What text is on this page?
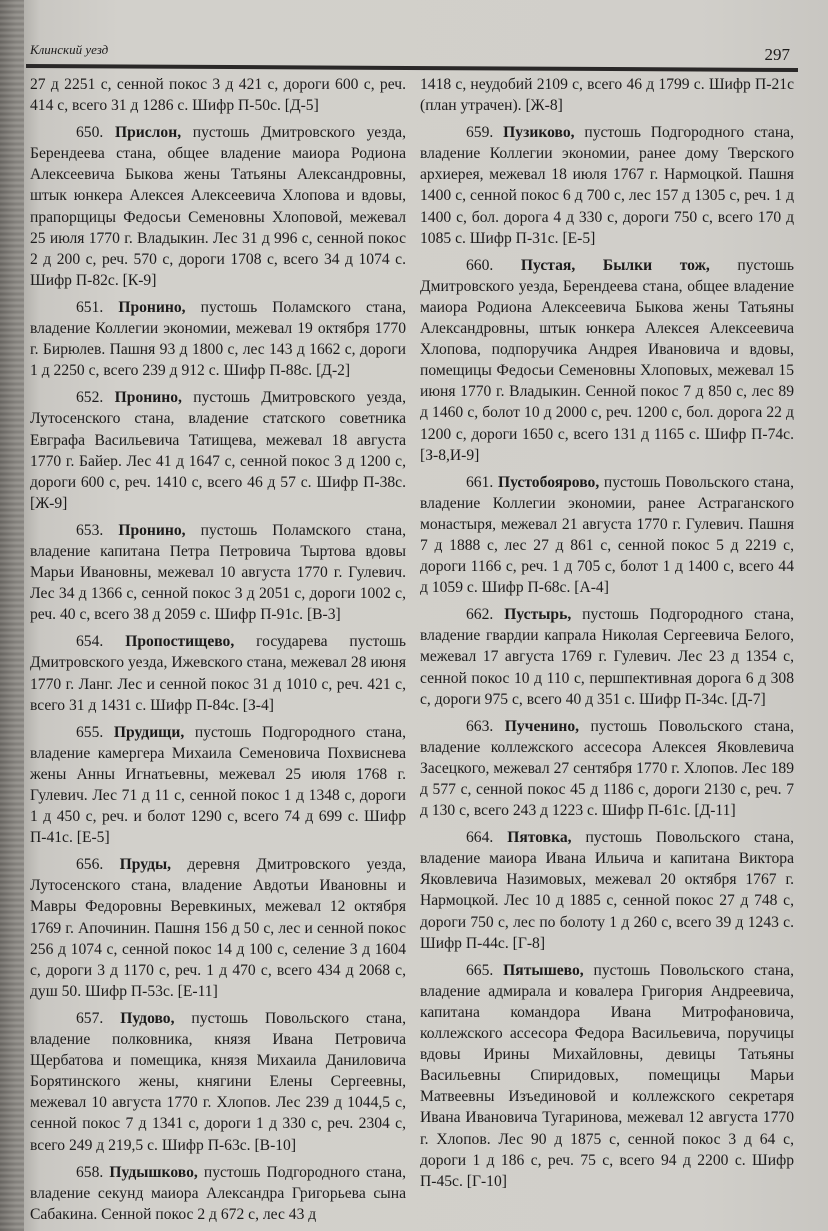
Клинский уезд	297

27 д 2251 с, сенной покос 3 д 421 с, дороги 600 с, реч. 414 с, всего 31 д 1286 с. Шифр П-50с. [Д-5]

650. Прислон, пустошь Дмитровского уезда, Берендеева стана, общее владение маиора Родиона Алексеевича Быкова жены Татьяны Александровны, штык юнкера Алексея Алексеевича Хлопова и вдовы, прапорщицы Федосьи Семеновны Хлоповой, межевал 25 июля 1770 г. Владыкин. Лес 31 д 996 с, сенной покос 2 д 200 с, реч. 570 с, дороги 1708 с, всего 34 д 1074 с. Шифр П-82с. [К-9]

651. Пронино, пустошь Поламского стана, владение Коллегии экономии, межевал 19 октября 1770 г. Бирюлев. Пашня 93 д 1800 с, лес 143 д 1662 с, дороги 1 д 2250 с, всего 239 д 912 с. Шифр П-88с. [Д-2]

652. Пронино, пустошь Дмитровского уезда, Лутосенского стана, владение статского советника Евграфа Васильевича Татищева, межевал 18 августа 1770 г. Байер. Лес 41 д 1647 с, сенной покос 3 д 1200 с, дороги 600 с, реч. 1410 с, всего 46 д 57 с. Шифр П-38с. [Ж-9]

653. Пронино, пустошь Поламского стана, владение капитана Петра Петровича Тыртова вдовы Марьи Ивановны, межевал 10 августа 1770 г. Гулевич. Лес 34 д 1366 с, сенной покос 3 д 2051 с, дороги 1002 с, реч. 40 с, всего 38 д 2059 с. Шифр П-91с. [В-3]

654. Пропостищево, государева пустошь Дмитровского уезда, Ижевского стана, межевал 28 июня 1770 г. Ланг. Лес и сенной покос 31 д 1010 с, реч. 421 с, всего 31 д 1431 с. Шифр П-84с. [З-4]

655. Прудищи, пустошь Подгородного стана, владение камергера Михаила Семеновича Похвиснева жены Анны Игнатьевны, межевал 25 июля 1768 г. Гулевич. Лес 71 д 11 с, сенной покос 1 д 1348 с, дороги 1 д 450 с, реч. и болот 1290 с, всего 74 д 699 с. Шифр П-41с. [Е-5]

656. Пруды, деревня Дмитровского уезда, Лутосенского стана, владение Авдотьи Ивановны и Мавры Федоровны Веревкиных, межевал 12 октября 1769 г. Апочинин. Пашня 156 д 50 с, лес и сенной покос 256 д 1074 с, сенной покос 14 д 100 с, селение 3 д 1604 с, дороги 3 д 1170 с, реч. 1 д 470 с, всего 434 д 2068 с, душ 50. Шифр П-53с. [Е-11]

657. Пудово, пустошь Повольского стана, владение полковника, князя Ивана Петровича Щербатова и помещика, князя Михаила Даниловича Борятинского жены, княгини Елены Сергеевны, межевал 10 августа 1770 г. Хлопов. Лес 239 д 1044,5 с, сенной покос 7 д 1341 с, дороги 1 д 330 с, реч. 2304 с, всего 249 д 219,5 с. Шифр П-63с. [В-10]

658. Пудышково, пустошь Подгородного стана, владение секунд маиора Александра Григорьева сына Сабакина. Сенной покос 2 д 672 с, лес 43 д

1418 с, неудобий 2109 с, всего 46 д 1799 с. Шифр П-21с (план утрачен). [Ж-8]

659. Пузиково, пустошь Подгородного стана, владение Коллегии экономии, ранее дому Тверского архиерея, межевал 18 июля 1767 г. Нармоцкой. Пашня 1400 с, сенной покос 6 д 700 с, лес 157 д 1305 с, реч. 1 д 1400 с, бол. дорога 4 д 330 с, дороги 750 с, всего 170 д 1085 с. Шифр П-31с. [Е-5]

660. Пустая, Былки тож, пустошь Дмитровского уезда, Берендеева стана, общее владение маиора Родиона Алексеевича Быкова жены Татьяны Александровны, штык юнкера Алексея Алексеевича Хлопова, подпоручика Андрея Ивановича и вдовы, помещицы Федосьи Семеновны Хлоповых, межевал 15 июня 1770 г. Владыкин. Сенной покос 7 д 850 с, лес 89 д 1460 с, болот 10 д 2000 с, реч. 1200 с, бол. дорога 22 д 1200 с, дороги 1650 с, всего 131 д 1165 с. Шифр П-74с. [З-8,И-9]

661. Пустобоярово, пустошь Повольского стана, владение Коллегии экономии, ранее Астраганского монастыря, межевал 21 августа 1770 г. Гулевич. Пашня 7 д 1888 с, лес 27 д 861 с, сенной покос 5 д 2219 с, дороги 1166 с, реч. 1 д 705 с, болот 1 д 1400 с, всего 44 д 1059 с. Шифр П-68с. [А-4]

662. Пустырь, пустошь Подгородного стана, владение гвардии капрала Николая Сергеевича Белого, межевал 17 августа 1769 г. Гулевич. Лес 23 д 1354 с, сенной покос 10 д 110 с, першпективная дорога 6 д 308 с, дороги 975 с, всего 40 д 351 с. Шифр П-34с. [Д-7]

663. Пученино, пустошь Повольского стана, владение коллежского ассесора Алексея Яковлевича Засецкого, межевал 27 сентября 1770 г. Хлопов. Лес 189 д 577 с, сенной покос 45 д 1186 с, дороги 2130 с, реч. 7 д 130 с, всего 243 д 1223 с. Шифр П-61с. [Д-11]

664. Пятовка, пустошь Повольского стана, владение маиора Ивана Ильича и капитана Виктора Яковлевича Назимовых, межевал 20 октября 1767 г. Нармоцкой. Лес 10 д 1885 с, сенной покос 27 д 748 с, дороги 750 с, лес по болоту 1 д 260 с, всего 39 д 1243 с. Шифр П-44с. [Г-8]

665. Пятышево, пустошь Повольского стана, владение адмирала и ковалера Григория Андреевича, капитана командора Ивана Митрофановича, коллежского ассесора Федора Васильевича, поручицы вдовы Ирины Михайловны, девицы Татьяны Васильевны Спиридовых, помещицы Марьи Матвеевны Изъединовой и коллежского секретаря Ивана Ивановича Тугаринова, межевал 12 августа 1770 г. Хлопов. Лес 90 д 1875 с, сенной покос 3 д 64 с, дороги 1 д 186 с, реч. 75 с, всего 94 д 2200 с. Шифр П-45с. [Г-10]
